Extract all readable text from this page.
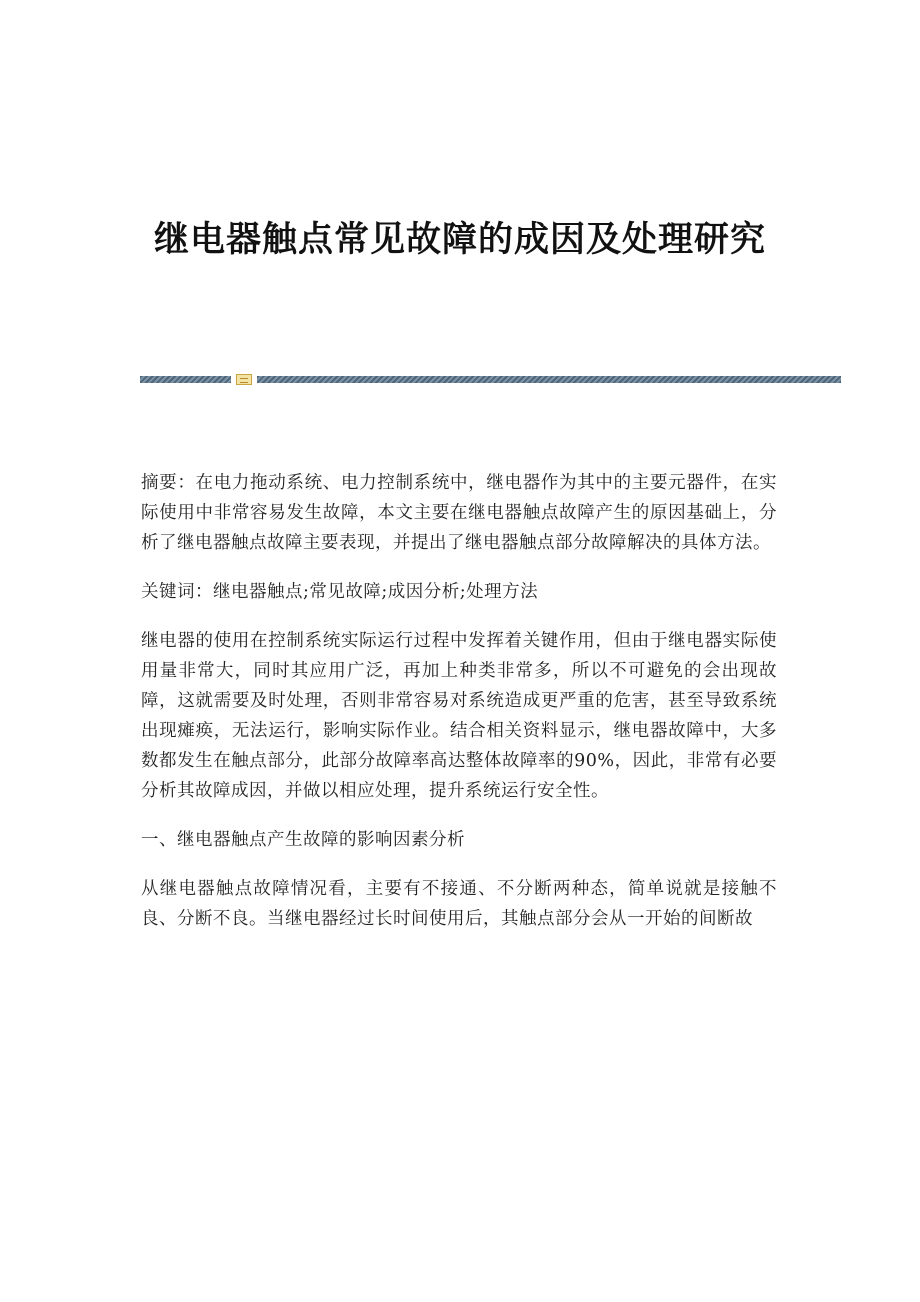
继电器触点常见故障的成因及处理研究

摘要：在电力拖动系统、电力控制系统中，继电器作为其中的主要元器件，在实际使用中非常容易发生故障，本文主要在继电器触点故障产生的原因基础上，分析了继电器触点故障主要表现，并提出了继电器触点部分故障解决的具体方法。

关键词：继电器触点;常见故障;成因分析;处理方法

继电器的使用在控制系统实际运行过程中发挥着关键作用，但由于继电器实际使用量非常大，同时其应用广泛，再加上种类非常多，所以不可避免的会出现故障，这就需要及时处理，否则非常容易对系统造成更严重的危害，甚至导致系统出现瘫痪，无法运行，影响实际作业。结合相关资料显示，继电器故障中，大多数都发生在触点部分，此部分故障率高达整体故障率的90%，因此，非常有必要分析其故障成因，并做以相应处理，提升系统运行安全性。

一、继电器触点产生故障的影响因素分析

从继电器触点故障情况看，主要有不接通、不分断两种态，简单说就是接触不良、分断不良。当继电器经过长时间使用后，其触点部分会从一开始的间断故
